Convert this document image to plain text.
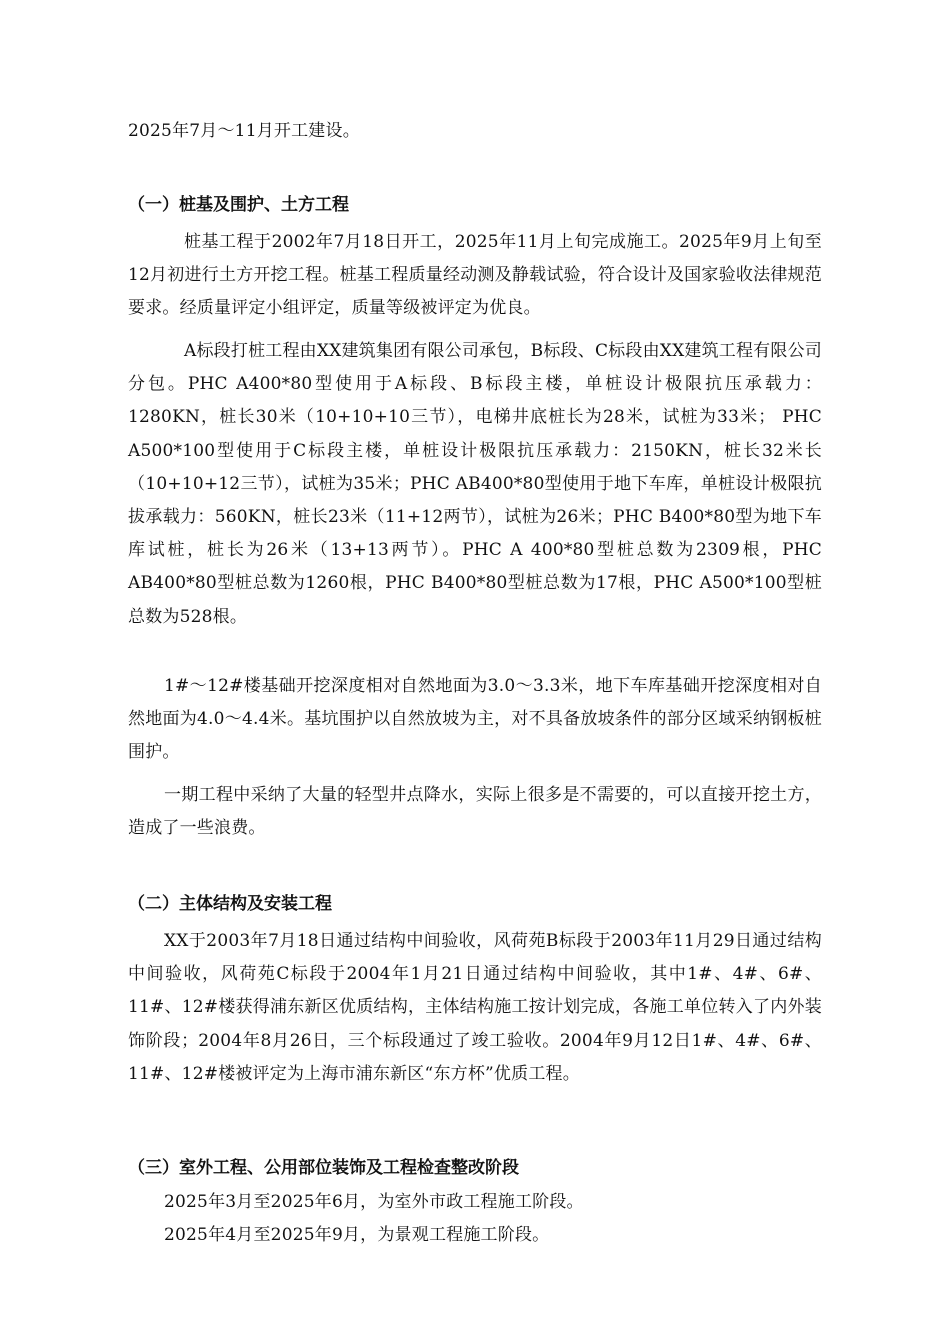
2025年7月～11月开工建设。

（一）桩基及围护、土方工程

桩基工程于2002年7月18日开工，2025年11月上旬完成施工。2025年9月上旬至12月初进行土方开挖工程。桩基工程质量经动测及静载试验，符合设计及国家验收法律规范要求。经质量评定小组评定，质量等级被评定为优良。

A标段打桩工程由XX建筑集团有限公司承包，B标段、C标段由XX建筑工程有限公司分包。PHC A400*80型使用于A标段、B标段主楼，单桩设计极限抗压承载力：1280KN，桩长30米（10+10+10三节），电梯井底桩长为28米，试桩为33米； PHC A500*100型使用于C标段主楼，单桩设计极限抗压承载力：2150KN，桩长32米长（10+10+12三节），试桩为35米；PHC AB400*80型使用于地下车库，单桩设计极限抗拔承载力：560KN，桩长23米（11+12两节），试桩为26米；PHC B400*80型为地下车库试桩，桩长为26米（13+13两节）。PHC A 400*80型桩总数为2309根，PHC AB400*80型桩总数为1260根，PHC B400*80型桩总数为17根，PHC A500*100型桩总数为528根。

1#～12#楼基础开挖深度相对自然地面为3.0～3.3米，地下车库基础开挖深度相对自然地面为4.0～4.4米。基坑围护以自然放坡为主，对不具备放坡条件的部分区域采纳钢板桩围护。

一期工程中采纳了大量的轻型井点降水，实际上很多是不需要的，可以直接开挖土方，造成了一些浪费。

（二）主体结构及安装工程

XX于2003年7月18日通过结构中间验收，风荷苑B标段于2003年11月29日通过结构中间验收，风荷苑C标段于2004年1月21日通过结构中间验收，其中1#、4#、6#、11#、12#楼获得浦东新区优质结构，主体结构施工按计划完成，各施工单位转入了内外装饰阶段；2004年8月26日，三个标段通过了竣工验收。2004年9月12日1#、4#、6#、11#、12#楼被评定为上海市浦东新区“东方杯”优质工程。

（三）室外工程、公用部位装饰及工程检查整改阶段

2025年3月至2025年6月，为室外市政工程施工阶段。

2025年4月至2025年9月，为景观工程施工阶段。
